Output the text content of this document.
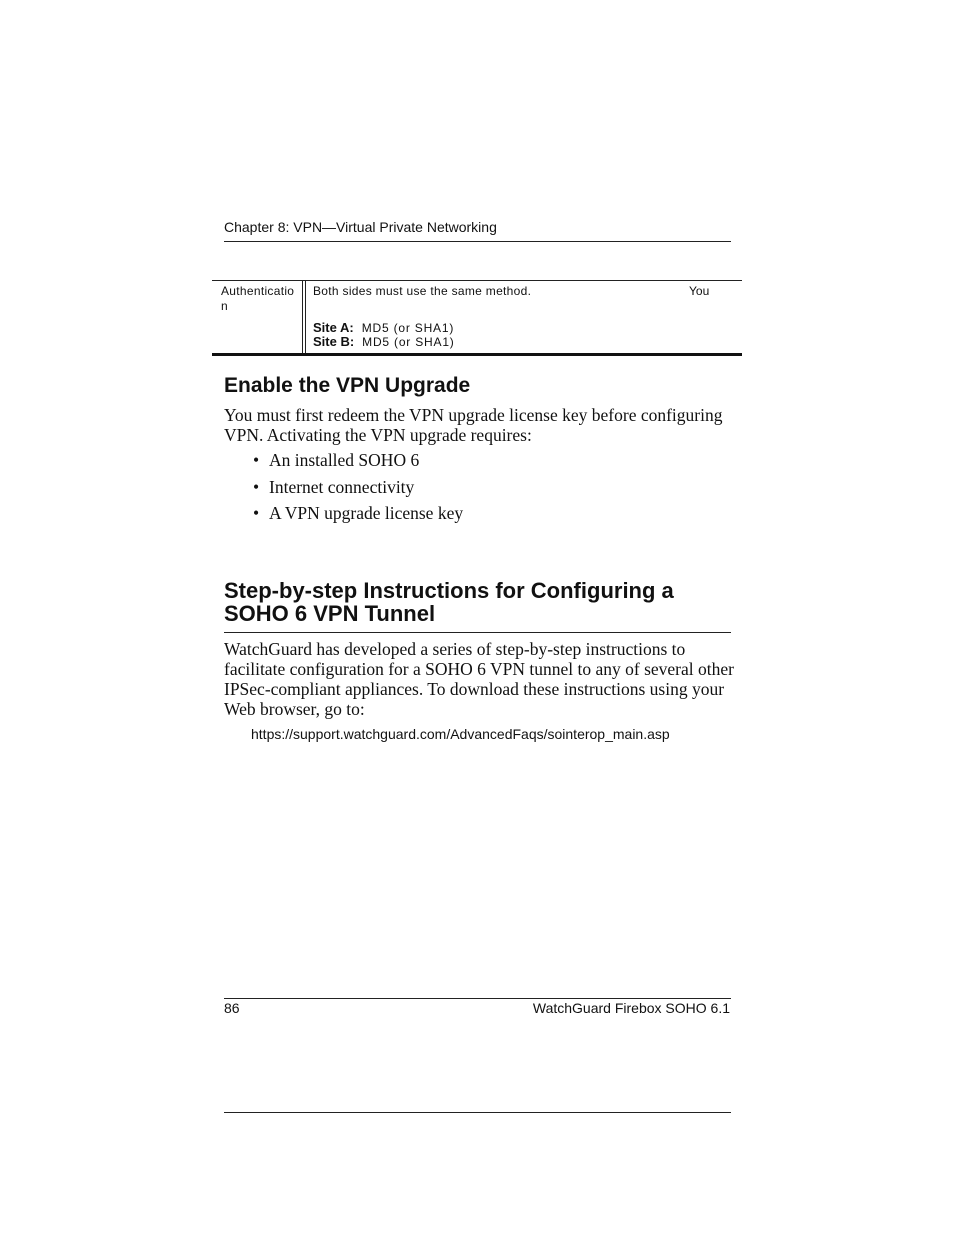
Chapter 8: VPN—Virtual Private Networking
Authentication
Both sides must use the same method.	You
Site A: MD5 (or SHA1)
Site B: MD5 (or SHA1)
Enable the VPN Upgrade
You must first redeem the VPN upgrade license key before configuring VPN. Activating the VPN upgrade requires:
• An installed SOHO 6
• Internet connectivity
• A VPN upgrade license key
Step-by-step Instructions for Configuring a SOHO 6 VPN Tunnel
WatchGuard has developed a series of step-by-step instructions to facilitate configuration for a SOHO 6 VPN tunnel to any of several other IPSec-compliant appliances. To download these instructions using your Web browser, go to:
https://support.watchguard.com/AdvancedFaqs/sointerop_main.asp
86	WatchGuard Firebox SOHO 6.1
